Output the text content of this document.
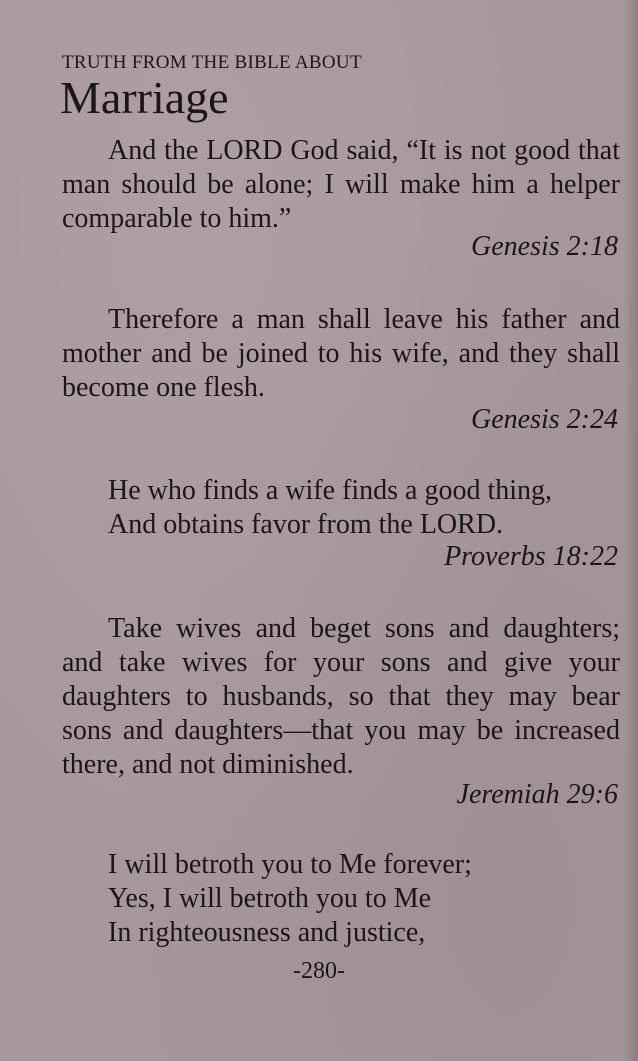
TRUTH FROM THE BIBLE ABOUT
Marriage

And the LORD God said, “It is not good that man should be alone; I will make him a helper comparable to him.”

Genesis 2:18

Therefore a man shall leave his father and mother and be joined to his wife, and they shall become one flesh.

Genesis 2:24
He who finds a wife finds a good thing,
And obtains favor from the LORD.
Proverbs 18:22

Take wives and beget sons and daughters; and take wives for your sons and give your daughters to husbands, so that they may bear sons and daughters—that you may be increased there, and not diminished.

Jeremiah 29:6
I will betroth you to Me forever;
Yes, I will betroth you to Me
In righteousness and justice,
-280-
